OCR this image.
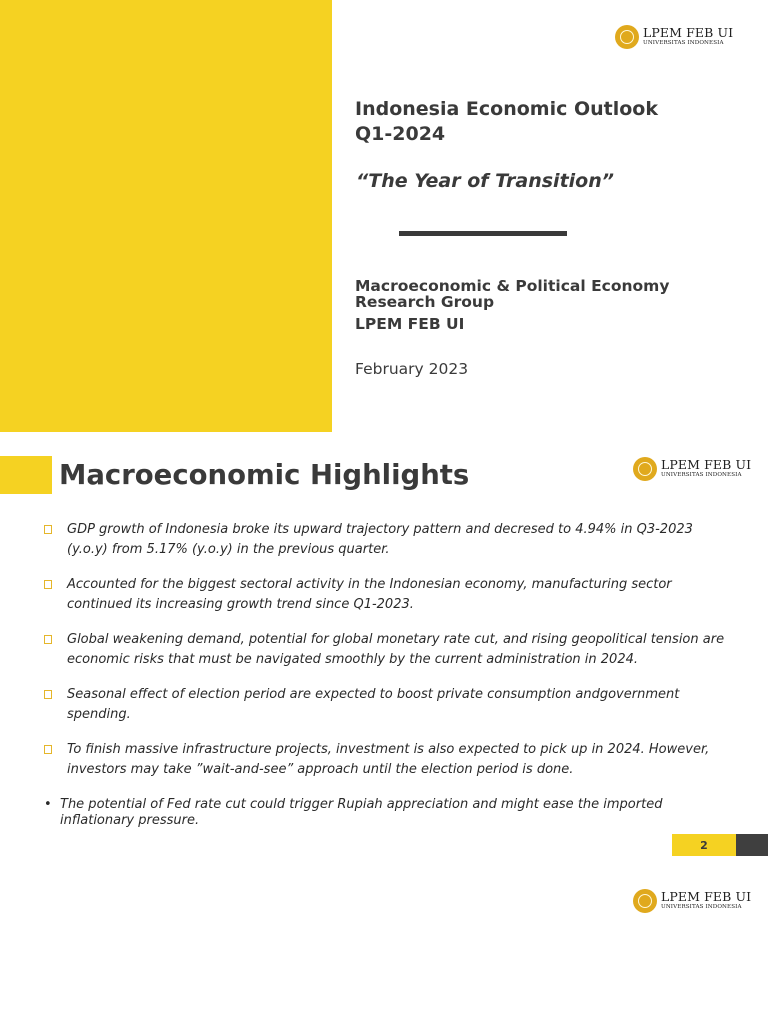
LPEM FEB UI
UNIVERSITAS INDONESIA
Indonesia Economic Outlook
Q1-2024
“The Year of Transition”
Macroeconomic & Political Economy
Research Group
LPEM FEB UI
February 2023
Macroeconomic Highlights	LPEM FEB UI
UNIVERSITAS INDONESIA
GDP growth of Indonesia broke its upward trajectory pattern and decresed to 4.94% in Q3-2023 (y.o.y) from 5.17% (y.o.y) in the previous quarter.
Accounted for the biggest sectoral activity in the Indonesian economy, manufacturing sector continued its increasing growth trend since Q1-2023.
Global weakening demand, potential for global monetary rate cut, and rising geopolitical tension are economic risks that must be navigated smoothly by the current administration in 2024.
Seasonal effect of election period are expected to boost private consumption andgovernment spending.
To finish massive infrastructure projects, investment is also expected to pick up in 2024. However, investors may take ”wait-and-see” approach until the election period is done.
• The potential of Fed rate cut could trigger Rupiah appreciation and might ease the imported inflationary pressure.
2
LPEM FEB UI
UNIVERSITAS INDONESIA
